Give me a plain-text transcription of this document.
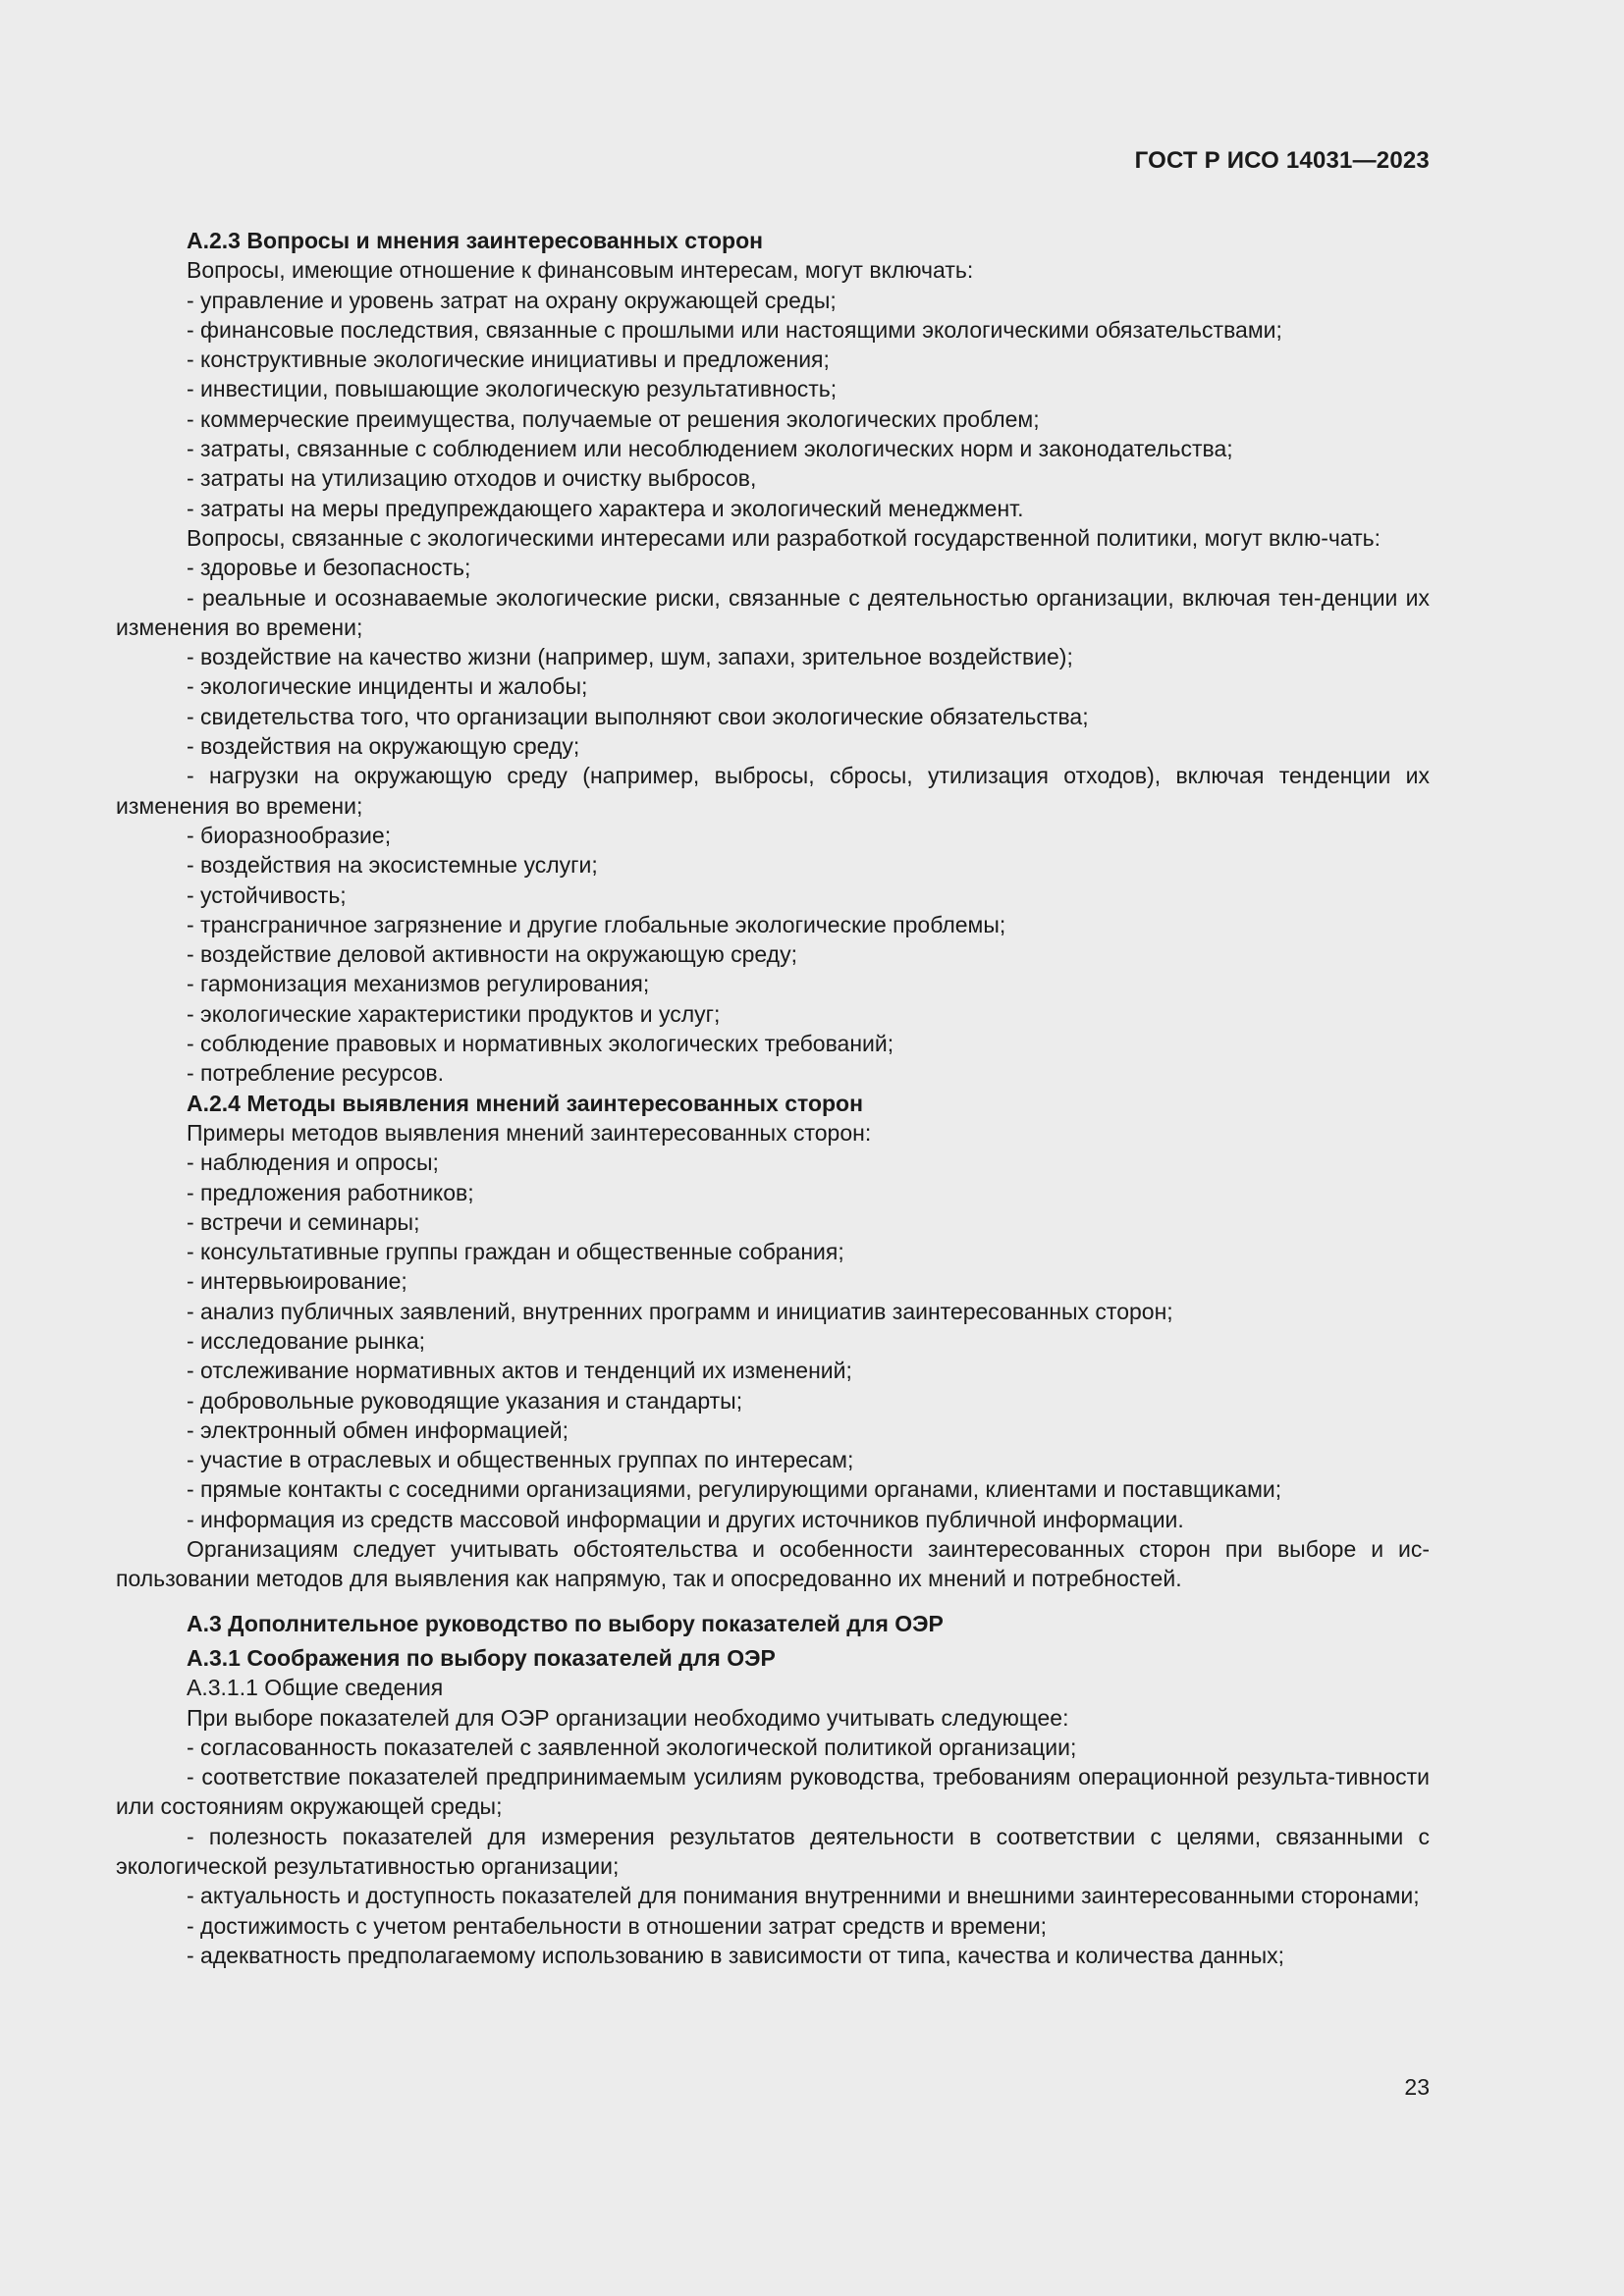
ГОСТ Р ИСО 14031—2023
А.2.3 Вопросы и мнения заинтересованных сторон
Вопросы, имеющие отношение к финансовым интересам, могут включать:
- управление и уровень затрат на охрану окружающей среды;
- финансовые последствия, связанные с прошлыми или настоящими экологическими обязательствами;
- конструктивные экологические инициативы и предложения;
- инвестиции, повышающие экологическую результативность;
- коммерческие преимущества, получаемые от решения экологических проблем;
- затраты, связанные с соблюдением или несоблюдением экологических норм и законодательства;
- затраты на утилизацию отходов и очистку выбросов,
- затраты на меры предупреждающего характера и экологический менеджмент.
Вопросы, связанные с экологическими интересами или разработкой государственной политики, могут вклю-чать:
- здоровье и безопасность;
- реальные и осознаваемые экологические риски, связанные с деятельностью организации, включая тен-денции их изменения во времени;
- воздействие на качество жизни (например, шум, запахи, зрительное воздействие);
- экологические инциденты и жалобы;
- свидетельства того, что организации выполняют свои экологические обязательства;
- воздействия на окружающую среду;
- нагрузки на окружающую среду (например, выбросы, сбросы, утилизация отходов), включая тенденции их изменения во времени;
- биоразнообразие;
- воздействия на экосистемные услуги;
- устойчивость;
- трансграничное загрязнение и другие глобальные экологические проблемы;
- воздействие деловой активности на окружающую среду;
- гармонизация механизмов регулирования;
- экологические характеристики продуктов и услуг;
- соблюдение правовых и нормативных экологических требований;
- потребление ресурсов.
А.2.4 Методы выявления мнений заинтересованных сторон
Примеры методов выявления мнений заинтересованных сторон:
- наблюдения и опросы;
- предложения работников;
- встречи и семинары;
- консультативные группы граждан и общественные собрания;
- интервьюирование;
- анализ публичных заявлений, внутренних программ и инициатив заинтересованных сторон;
- исследование рынка;
- отслеживание нормативных актов и тенденций их изменений;
- добровольные руководящие указания и стандарты;
- электронный обмен информацией;
- участие в отраслевых и общественных группах по интересам;
- прямые контакты с соседними организациями, регулирующими органами, клиентами и поставщиками;
- информация из средств массовой информации и других источников публичной информации.
Организациям следует учитывать обстоятельства и особенности заинтересованных сторон при выборе и ис-пользовании методов для выявления как напрямую, так и опосредованно их мнений и потребностей.
А.3 Дополнительное руководство по выбору показателей для ОЭР
А.3.1 Соображения по выбору показателей для ОЭР
А.3.1.1 Общие сведения
При выборе показателей для ОЭР организации необходимо учитывать следующее:
- согласованность показателей с заявленной экологической политикой организации;
- соответствие показателей предпринимаемым усилиям руководства, требованиям операционной результа-тивности или состояниям окружающей среды;
- полезность показателей для измерения результатов деятельности в соответствии с целями, связанными с экологической результативностью организации;
- актуальность и доступность показателей для понимания внутренними и внешними заинтересованными сторонами;
- достижимость с учетом рентабельности в отношении затрат средств и времени;
- адекватность предполагаемому использованию в зависимости от типа, качества и количества данных;
23
